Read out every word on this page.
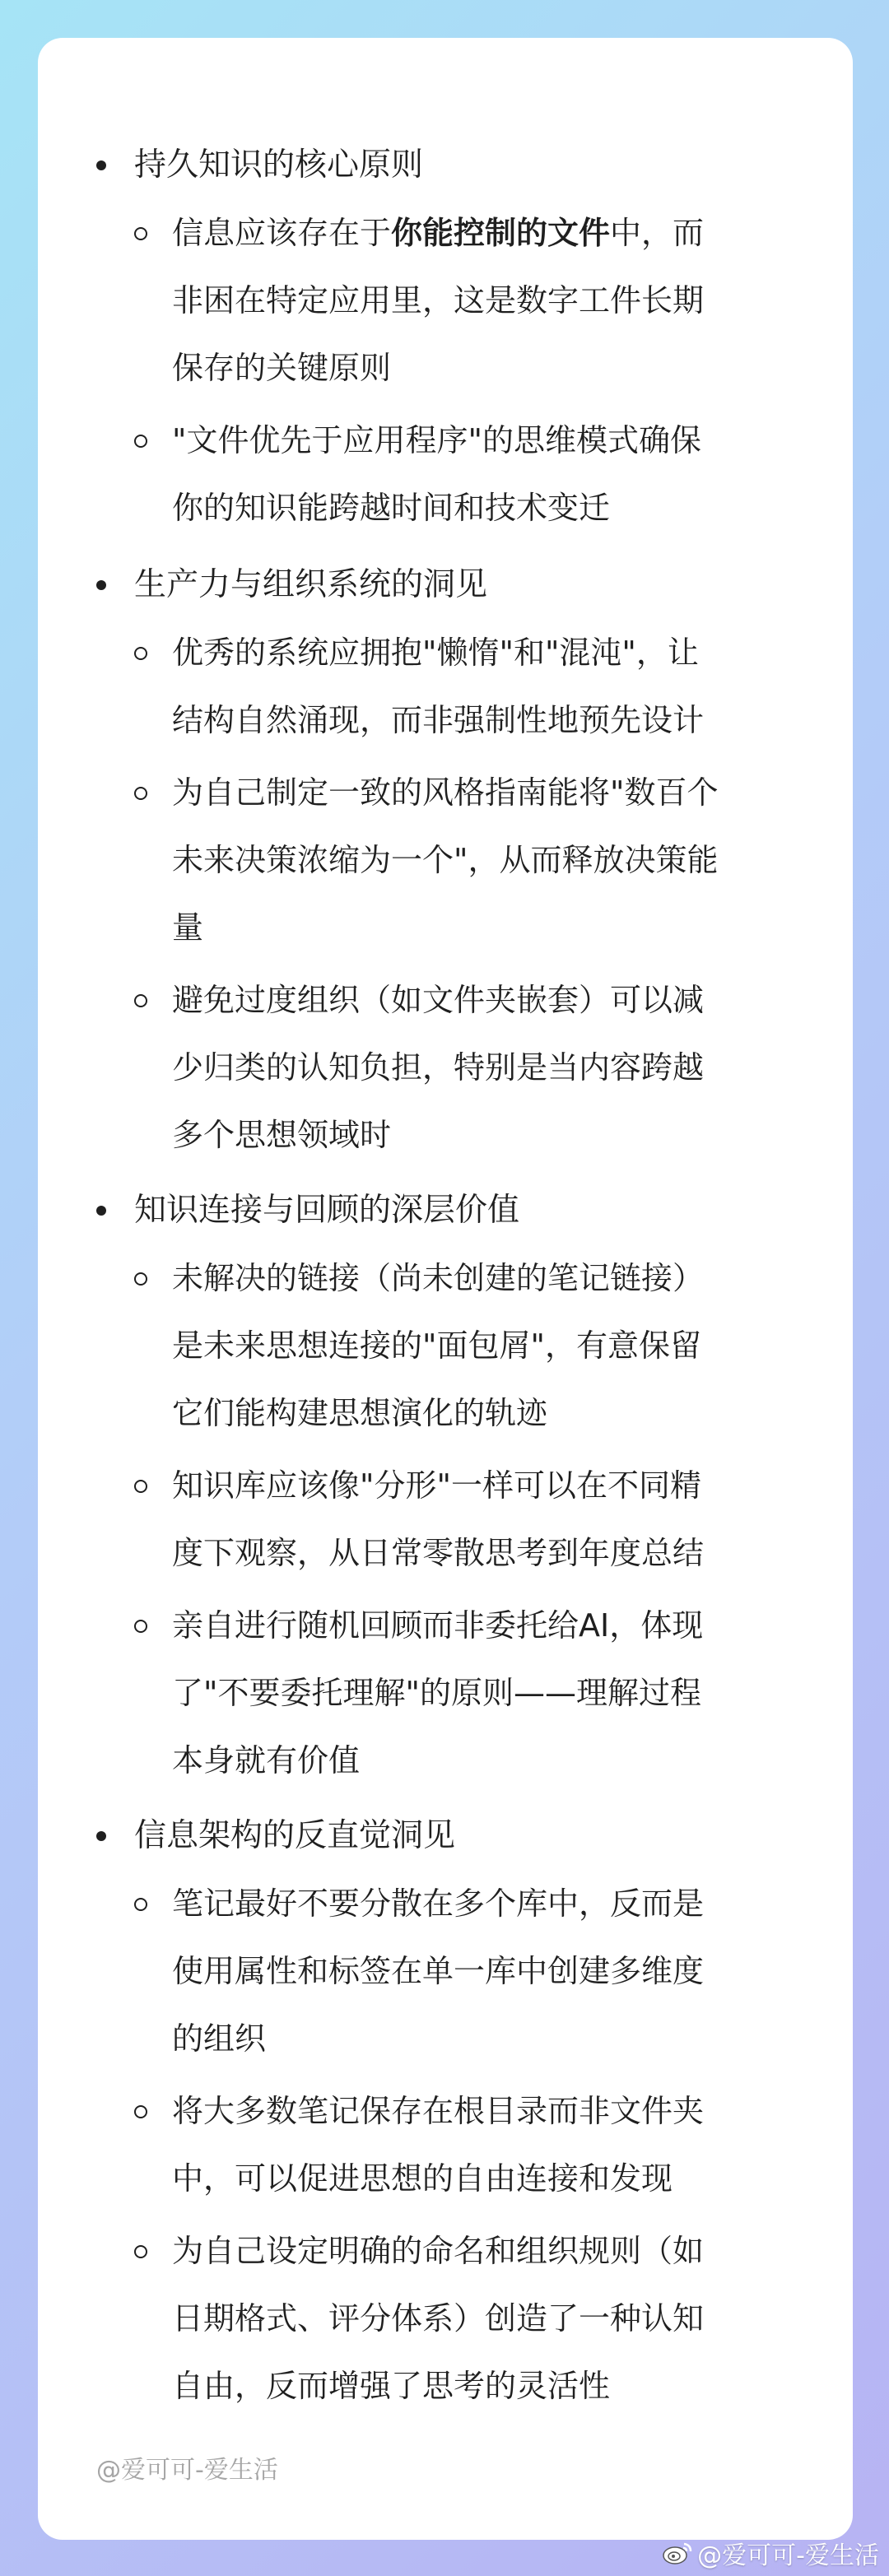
持久知识的核心原则
信息应该存在于你能控制的文件中，而
非困在特定应用里，这是数字工件长期
保存的关键原则
"文件优先于应用程序"的思维模式确保
你的知识能跨越时间和技术变迁
生产力与组织系统的洞见
优秀的系统应拥抱"懒惰"和"混沌"，让
结构自然涌现，而非强制性地预先设计
为自己制定一致的风格指南能将"数百个
未来决策浓缩为一个"，从而释放决策能
量
避免过度组织（如文件夹嵌套）可以减
少归类的认知负担，特别是当内容跨越
多个思想领域时
知识连接与回顾的深层价值
未解决的链接（尚未创建的笔记链接）
是未来思想连接的"面包屑"，有意保留
它们能构建思想演化的轨迹
知识库应该像"分形"一样可以在不同精
度下观察，从日常零散思考到年度总结
亲自进行随机回顾而非委托给AI，体现
了"不要委托理解"的原则——理解过程
本身就有价值
信息架构的反直觉洞见
笔记最好不要分散在多个库中，反而是
使用属性和标签在单一库中创建多维度
的组织
将大多数笔记保存在根目录而非文件夹
中，可以促进思想的自由连接和发现
为自己设定明确的命名和组织规则（如
日期格式、评分体系）创造了一种认知
自由，反而增强了思考的灵活性
@爱可可-爱生活
@爱可可-爱生活
